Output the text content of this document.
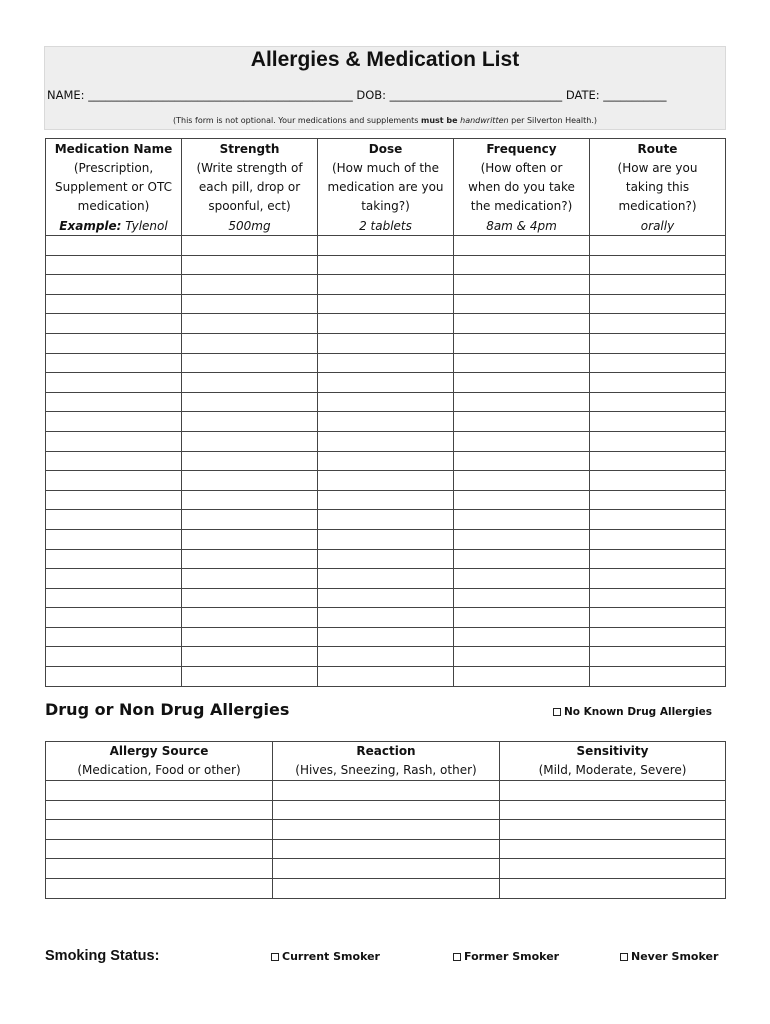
Allergies & Medication List
NAME: ______________________________________________ DOB: ______________________________ DATE: ___________
(This form is not optional. Your medications and supplements must be handwritten per Silverton Health.)
Medication Name
(Prescription,
Supplement or OTC
medication)	Strength
(Write strength of
each pill, drop or
spoonful, ect)	Dose
(How much of the
medication are you
taking?)	Frequency
(How often or
when do you take
the medication?)	Route
(How are you
taking this
medication?)

Example: Tylenol	500mg	2 tablets	8am & 4pm	orally

Drug or Non Drug Allergies	No Known Drug Allergies
Allergy Source
(Medication, Food or other)	Reaction
(Hives, Sneezing, Rash, other)	Sensitivity
(Mild, Moderate, Severe)

Smoking Status:	Current Smoker	Former Smoker	Never Smoker
